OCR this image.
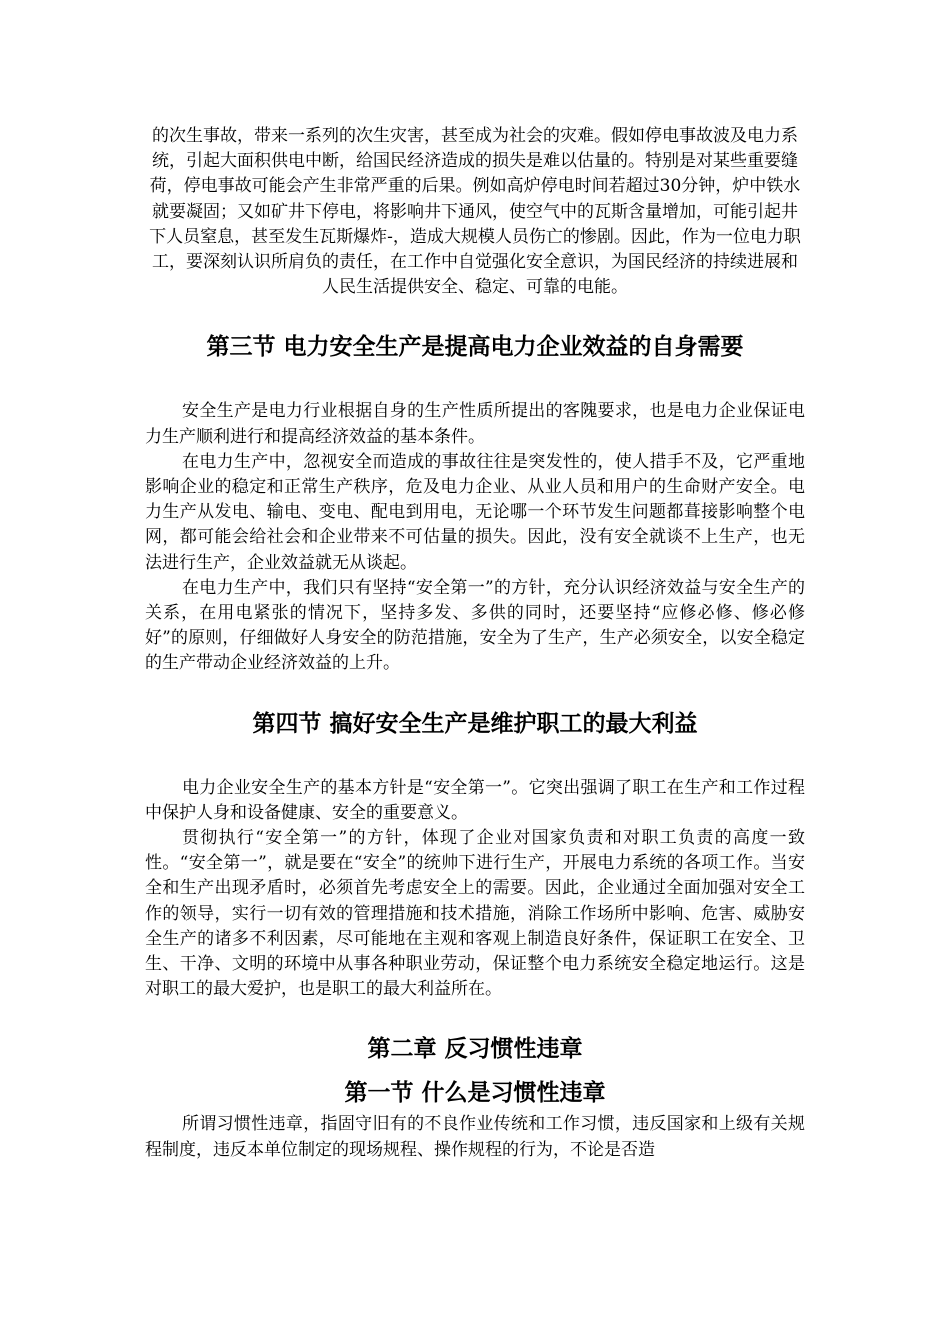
的次生事故，带来一系列的次生灾害，甚至成为社会的灾难。假如停电事故波及电力系统，引起大面积供电中断，给国民经济造成的损失是难以估量的。特别是对某些重要缝荷，停电事故可能会产生非常严重的后果。例如高炉停电时间若超过30分钟，炉中铁水就要凝固；又如矿井下停电，将影响井下通风，使空气中的瓦斯含量增加，可能引起井下人员窒息，甚至发生瓦斯爆炸-，造成大规模人员伤亡的惨剧。因此，作为一位电力职工，要深刻认识所肩负的责任，在工作中自觉强化安全意识，为国民经济的持续进展和人民生活提供安全、稳定、可靠的电能。

第三节 电力安全生产是提高电力企业效益的自身需要

安全生产是电力行业根据自身的生产性质所提出的客隗要求，也是电力企业保证电力生产顺利进行和提高经济效益的基本条件。

在电力生产中，忽视安全而造成的事故往往是突发性的，使人措手不及，它严重地影响企业的稳定和正常生产秩序，危及电力企业、从业人员和用户的生命财产安全。电力生产从发电、输电、变电、配电到用电，无论哪一个环节发生问题都葺接影响整个电网，都可能会给社会和企业带来不可估量的损失。因此，没有安全就谈不上生产，也无法进行生产，企业效益就无从谈起。

在电力生产中，我们只有坚持“安全第一”的方针，充分认识经济效益与安全生产的关系，在用电紧张的情况下，坚持多发、多供的同时，还要坚持“应修必修、修必修好”的原则，仔细做好人身安全的防范措施，安全为了生产，生产必须安全，以安全稳定的生产带动企业经济效益的上升。

第四节 搞好安全生产是维护职工的最大利益

电力企业安全生产的基本方针是“安全第一”。它突出强调了职工在生产和工作过程中保护人身和设备健康、安全的重要意义。

贯彻执行“安全第一”的方针，体现了企业对国家负责和对职工负责的高度一致性。“安全第一”，就是要在“安全”的统帅下进行生产，开展电力系统的各项工作。当安全和生产出现矛盾时，必须首先考虑安全上的需要。因此，企业通过全面加强对安全工作的领导，实行一切有效的管理措施和技术措施，消除工作场所中影响、危害、威胁安全生产的诸多不利因素，尽可能地在主观和客观上制造良好条件，保证职工在安全、卫生、干净、文明的环境中从事各种职业劳动，保证整个电力系统安全稳定地运行。这是对职工的最大爱护，也是职工的最大利益所在。

第二章 反习惯性违章
第一节 什么是习惯性违章

所谓习惯性违章，指固守旧有的不良作业传统和工作习惯，违反国家和上级有关规程制度，违反本单位制定的现场规程、操作规程的行为，不论是否造
